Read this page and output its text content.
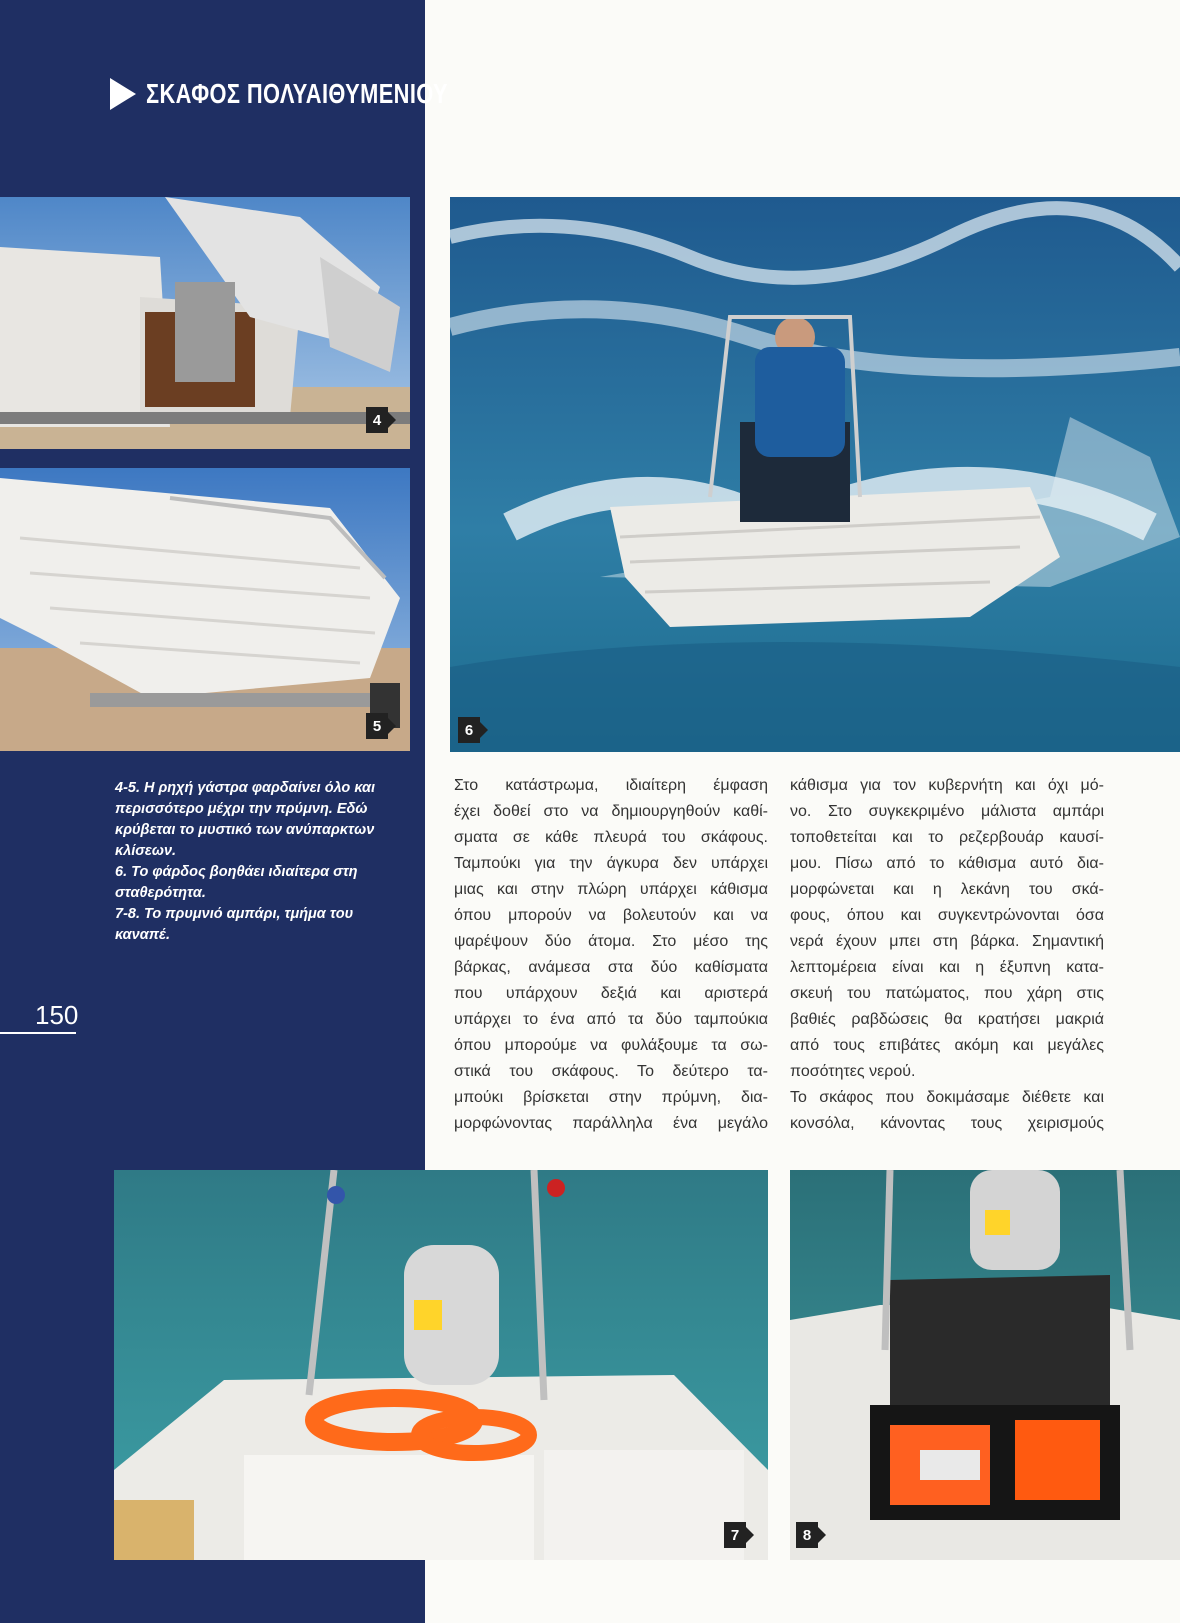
ΣΚΑΦΟΣ ΠΟΛΥΑΙΘΥΜΕΝΙΟΥ
4
5	6

4-5. Η ρηχή γάστρα φαρδαίνει όλο και

περισσότερο μέχρι την πρύμνη. Εδώ

κρύβεται το μυστικό των ανύπαρκτων

κλίσεων.

6. Το φάρδος βοηθάει ιδιαίτερα στη

σταθερότητα.

7-8. Το πρυμνιό αμπάρι, τμήμα του

καναπέ.

150
Στο κατάστρωμα, ιδιαίτερη έμφαση
έχει δοθεί στο να δημιουργηθούν καθί-
σματα σε κάθε πλευρά του σκάφους.
Ταμπούκι για την άγκυρα δεν υπάρχει
μιας και στην πλώρη υπάρχει κάθισμα
όπου μπορούν να βολευτούν και να
ψαρέψουν δύο άτομα. Στο μέσο της
βάρκας, ανάμεσα στα δύο καθίσματα
που υπάρχουν δεξιά και αριστερά
υπάρχει το ένα από τα δύο ταμπούκια
όπου μπορούμε να φυλάξουμε τα σω-
στικά του σκάφους. Το δεύτερο τα-
μπούκι βρίσκεται στην πρύμνη, δια-
μορφώνοντας παράλληλα ένα μεγάλο
κάθισμα για τον κυβερνήτη και όχι μό-
νο. Στο συγκεκριμένο μάλιστα αμπάρι
τοποθετείται και το ρεζερβουάρ καυσί-
μου. Πίσω από το κάθισμα αυτό δια-
μορφώνεται και η λεκάνη του σκά-
φους, όπου και συγκεντρώνονται όσα
νερά έχουν μπει στη βάρκα. Σημαντική
λεπτομέρεια είναι και η έξυπνη κατα-
σκευή του πατώματος, που χάρη στις
βαθιές ραβδώσεις θα κρατήσει μακριά
από τους επιβάτες ακόμη και μεγάλες
ποσότητες νερού.
Το σκάφος που δοκιμάσαμε διέθετε και
κονσόλα, κάνοντας τους χειρισμούς
7	8
